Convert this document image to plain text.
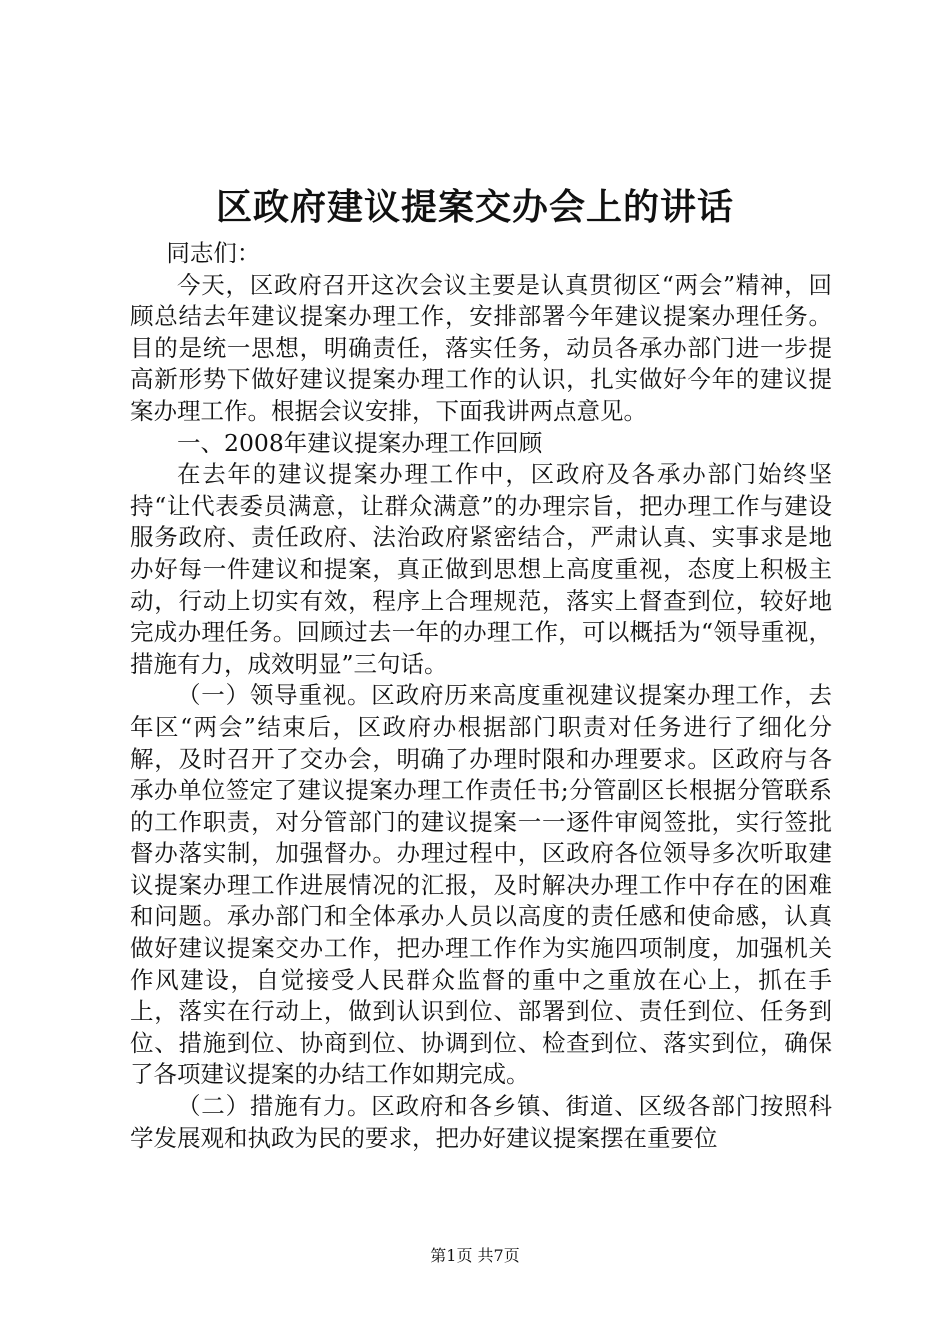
区政府建议提案交办会上的讲话

同志们：

今天，区政府召开这次会议主要是认真贯彻区“两会”精神，回顾总结去年建议提案办理工作，安排部署今年建议提案办理任务。目的是统一思想，明确责任，落实任务，动员各承办部门进一步提高新形势下做好建议提案办理工作的认识，扎实做好今年的建议提案办理工作。根据会议安排，下面我讲两点意见。

一、2008年建议提案办理工作回顾

在去年的建议提案办理工作中，区政府及各承办部门始终坚持“让代表委员满意，让群众满意”的办理宗旨，把办理工作与建设服务政府、责任政府、法治政府紧密结合，严肃认真、实事求是地办好每一件建议和提案，真正做到思想上高度重视，态度上积极主动，行动上切实有效，程序上合理规范，落实上督查到位，较好地完成办理任务。回顾过去一年的办理工作，可以概括为“领导重视，措施有力，成效明显”三句话。

（一）领导重视。区政府历来高度重视建议提案办理工作，去年区“两会”结束后，区政府办根据部门职责对任务进行了细化分解，及时召开了交办会，明确了办理时限和办理要求。区政府与各承办单位签定了建议提案办理工作责任书;分管副区长根据分管联系的工作职责，对分管部门的建议提案一一逐件审阅签批，实行签批督办落实制，加强督办。办理过程中，区政府各位领导多次听取建议提案办理工作进展情况的汇报，及时解决办理工作中存在的困难和问题。承办部门和全体承办人员以高度的责任感和使命感，认真做好建议提案交办工作，把办理工作作为实施四项制度，加强机关作风建设，自觉接受人民群众监督的重中之重放在心上，抓在手上，落实在行动上，做到认识到位、部署到位、责任到位、任务到位、措施到位、协商到位、协调到位、检查到位、落实到位，确保了各项建议提案的办结工作如期完成。

（二）措施有力。区政府和各乡镇、街道、区级各部门按照科学发展观和执政为民的要求，把办好建议提案摆在重要位

第1页 共7页
